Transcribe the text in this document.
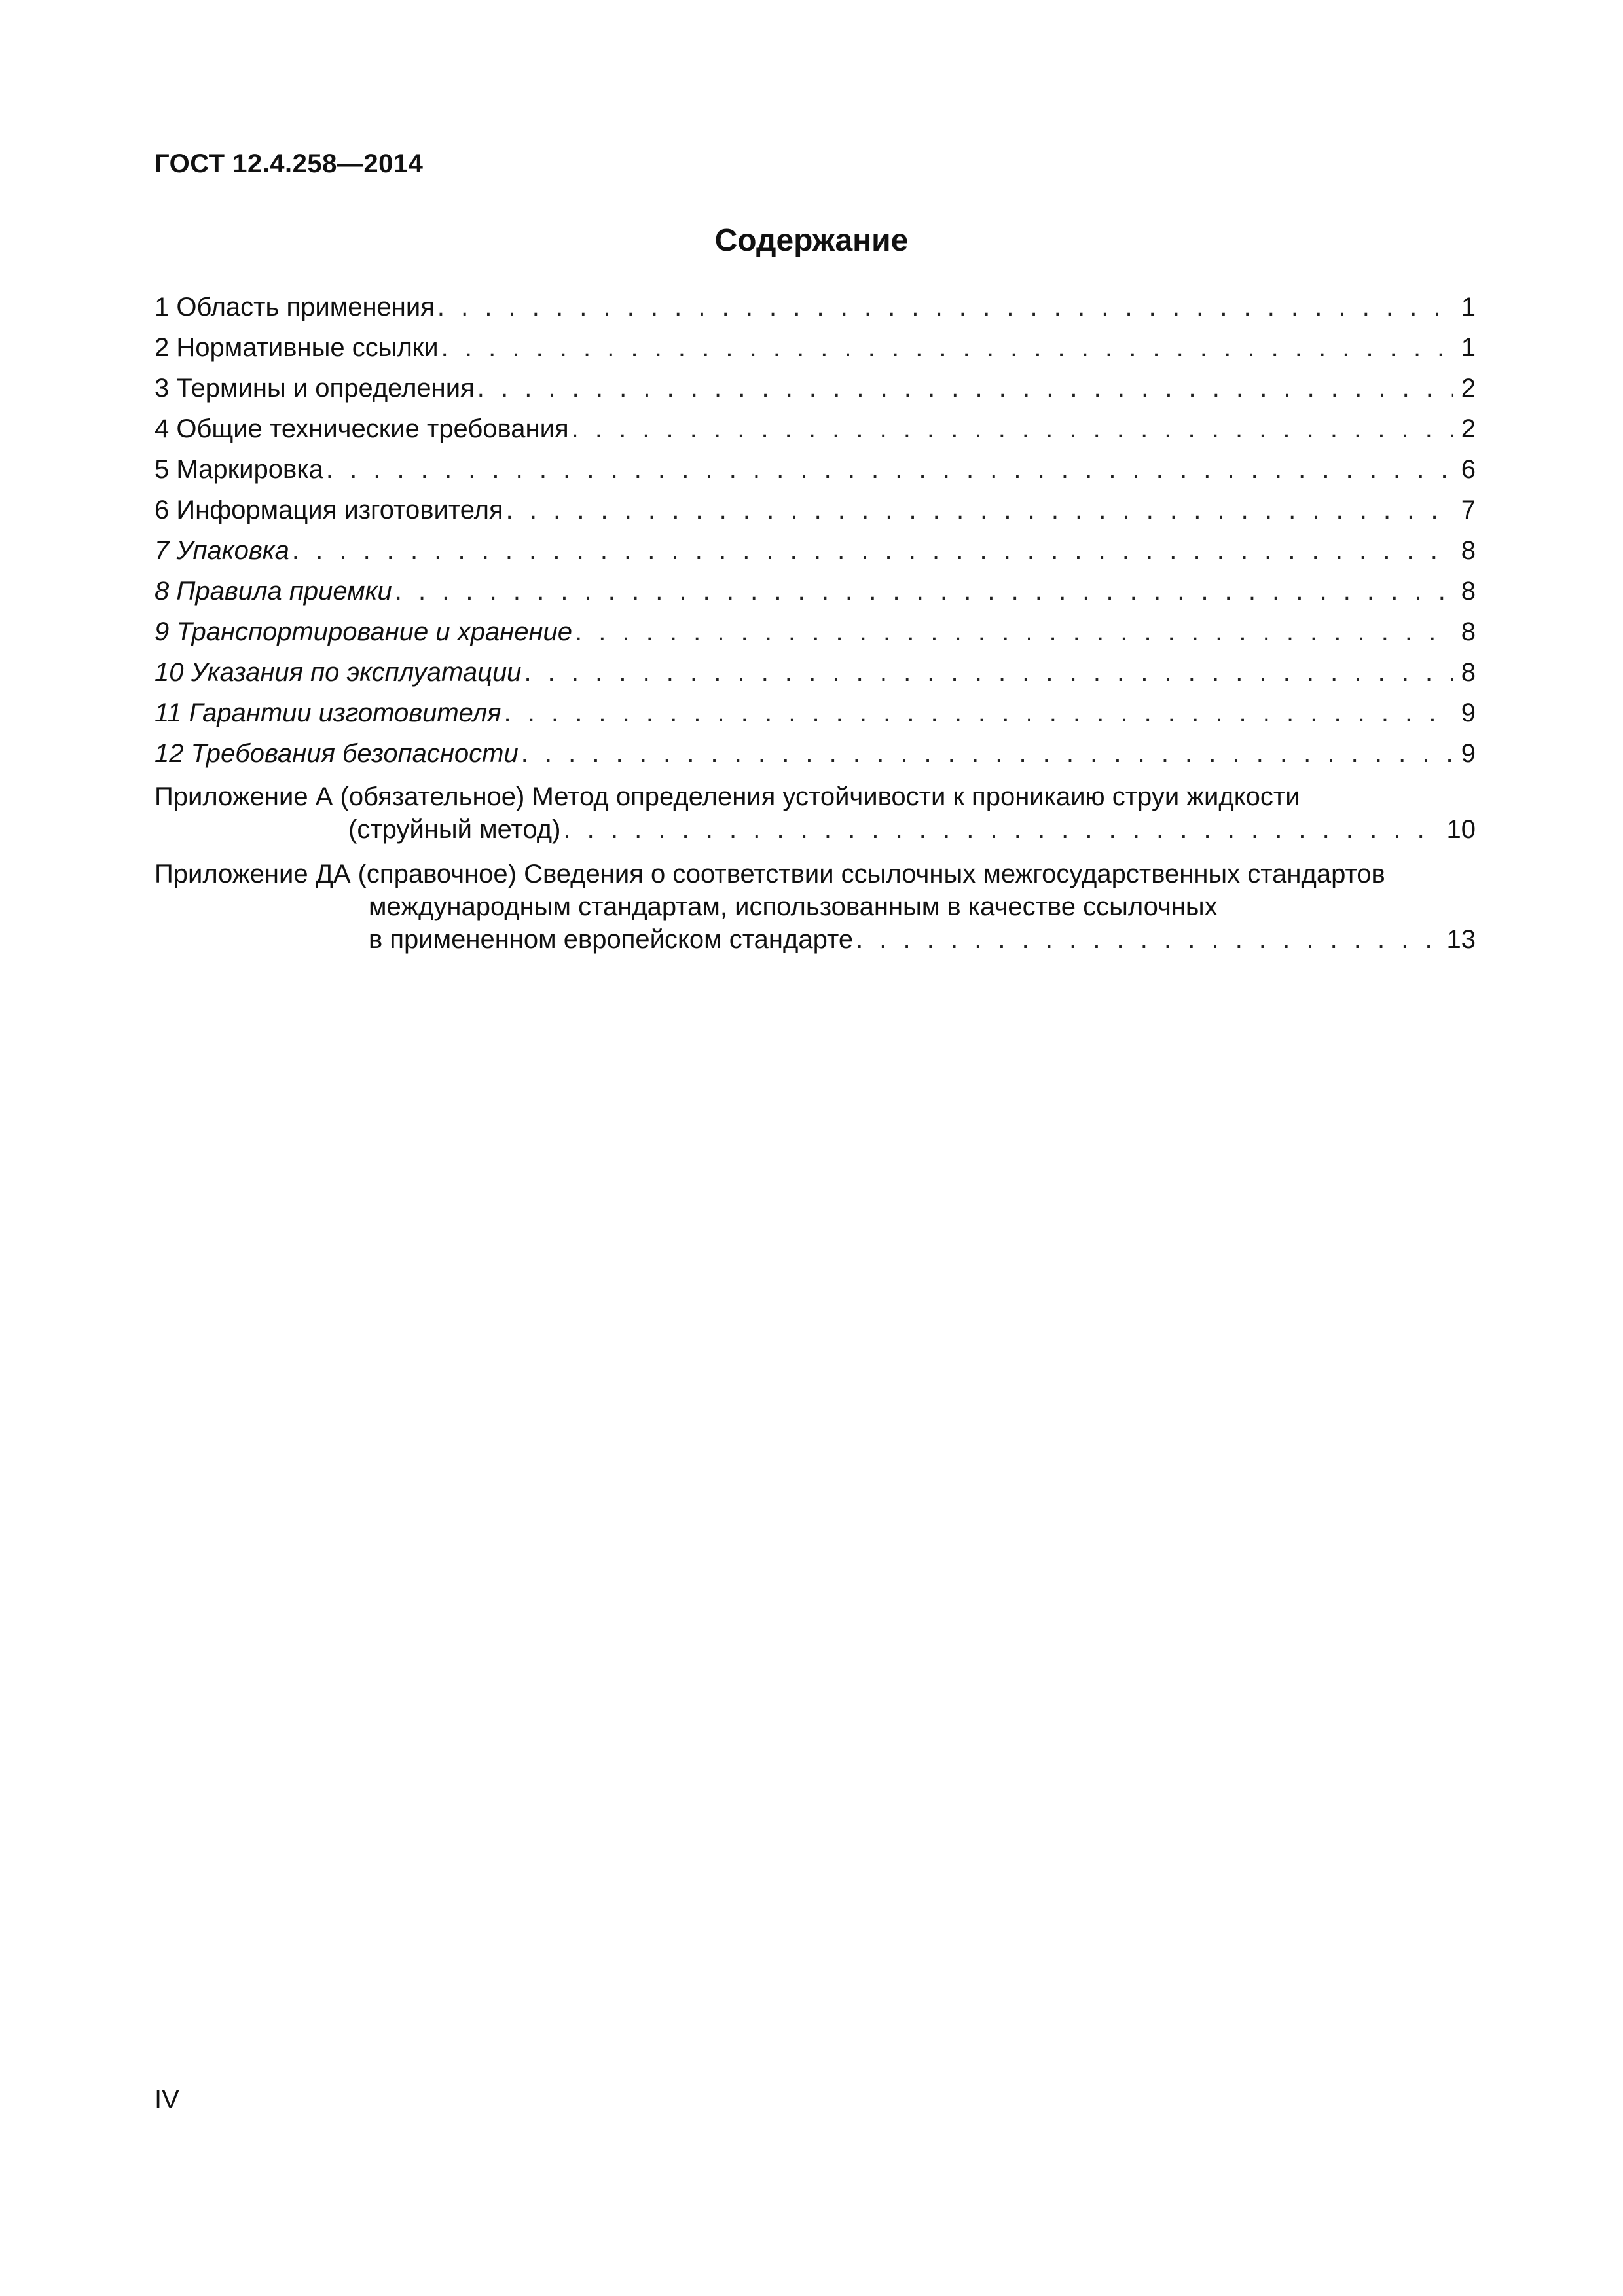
ГОСТ 12.4.258—2014
Содержание
1 Область применения . . .	1
2 Нормативные ссылки . . .	1
3 Термины и определения . . .	2
4 Общие технические требования . . .	2
5 Маркировка . . .	6
6 Информация изготовителя . . .	7
7 Упаковка . . .	8
8 Правила приемки . . .	8
9 Транспортирование и хранение . . .	8
10 Указания по эксплуатации . . .	8
11 Гарантии изготовителя . . .	9
12 Требования безопасности . . .	9
Приложение А (обязательное) Метод определения устойчивости к проникаию струи жидкости
(струйный метод) . . .	10
Приложение ДА (справочное) Сведения о соответствии ссылочных межгосударственных стандартов
международным стандартам, использованным в качестве ссылочных
в примененном европейском стандарте . . .	13
IV
